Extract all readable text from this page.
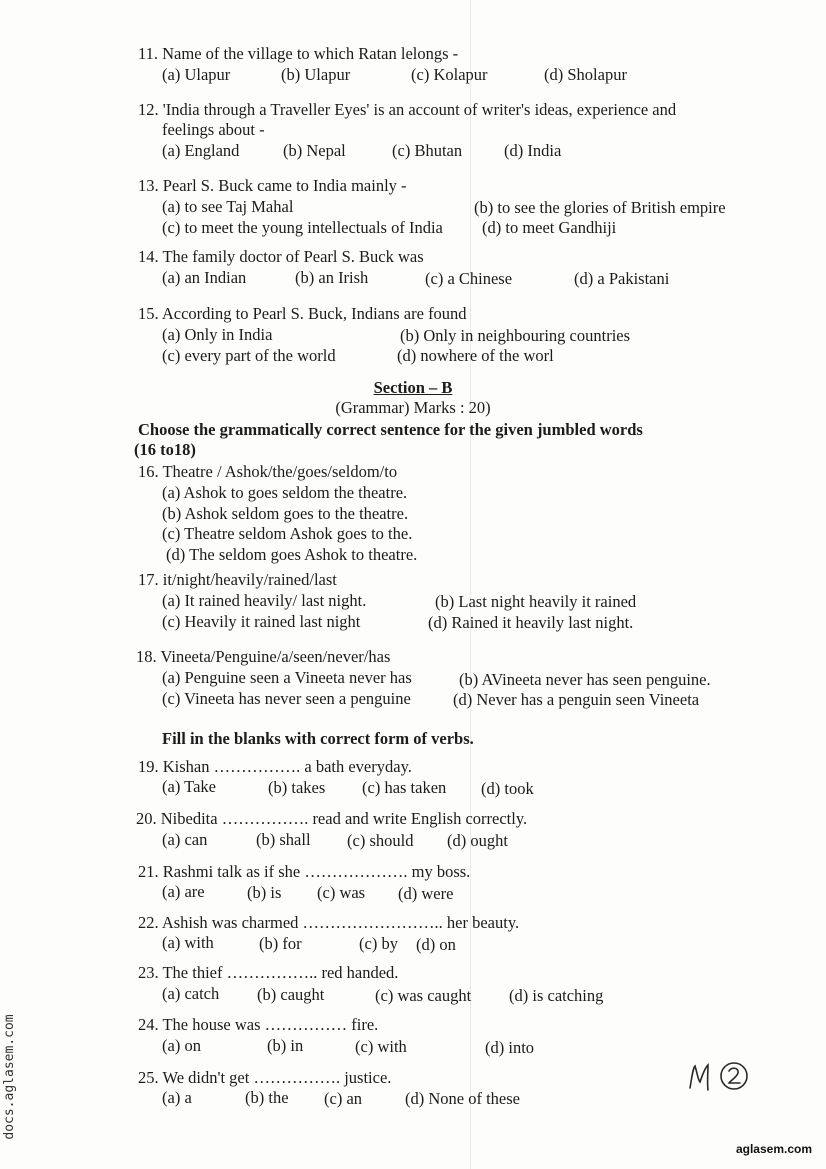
11. Name of the village to which Ratan lelongs -
(a) Ulapur	(b) Ulapur	(c) Kolapur	(d) Sholapur
12. 'India through a Traveller Eyes' is an account of writer's ideas, experience and
feelings about -
(a) England	(b) Nepal	(c) Bhutan	(d) India
13. Pearl S. Buck came to India mainly -
(a) to see Taj Mahal	(b) to see the glories of British empire
(c) to meet the young intellectuals of India (d) to meet Gandhiji
14. The family doctor of Pearl S. Buck was
(a) an Indian	(b) an Irish	(c) a Chinese	(d) a Pakistani
15. According to Pearl S. Buck, Indians are found
(a) Only in India	(b) Only in neighbouring countries
(c) every part of the world	(d) nowhere of the worl
Section – B
(Grammar) Marks : 20)
Choose the grammatically correct sentence for the given jumbled words
(16 to18)
16. Theatre / Ashok/the/goes/seldom/to
(a) Ashok to goes seldom the theatre.
(b) Ashok seldom goes to the theatre.
(c) Theatre seldom Ashok goes to the.
(d) The seldom goes Ashok to theatre.
17. it/night/heavily/rained/last
(a) It rained heavily/ last night.	(b) Last night heavily it rained
(c) Heavily it rained last night	(d) Rained it heavily last night.
18. Vineeta/Penguine/a/seen/never/has
(a) Penguine seen a Vineeta never has	(b) AVineeta never has seen penguine.
(c) Vineeta has never seen a penguine	(d) Never has a penguin seen Vineeta
Fill in the blanks with correct form of verbs.
19. Kishan ……………. a bath everyday.
(a) Take	(b) takes (c) has taken (d) took
20. Nibedita ……………. read and write English correctly.
(a) can	(b) shall (c) should (d) ought
21. Rashmi talk as if she ………………. my boss.
(a) are	(b) is (c) was (d) were
22. Ashish was charmed …………………….. her beauty.
(a) with	(b) for	(c) by (d) on
23. The thief …………….. red handed.
(a) catch (b) caught	(c) was caught (d) is catching
24. The house was …………… fire.
(a) on	(b) in	(c) with	(d) into
25. We didn't get ……………. justice.
(a) a	(b) the (c) an	(d) None of these
docs.aglasem.com
aglasem.com
